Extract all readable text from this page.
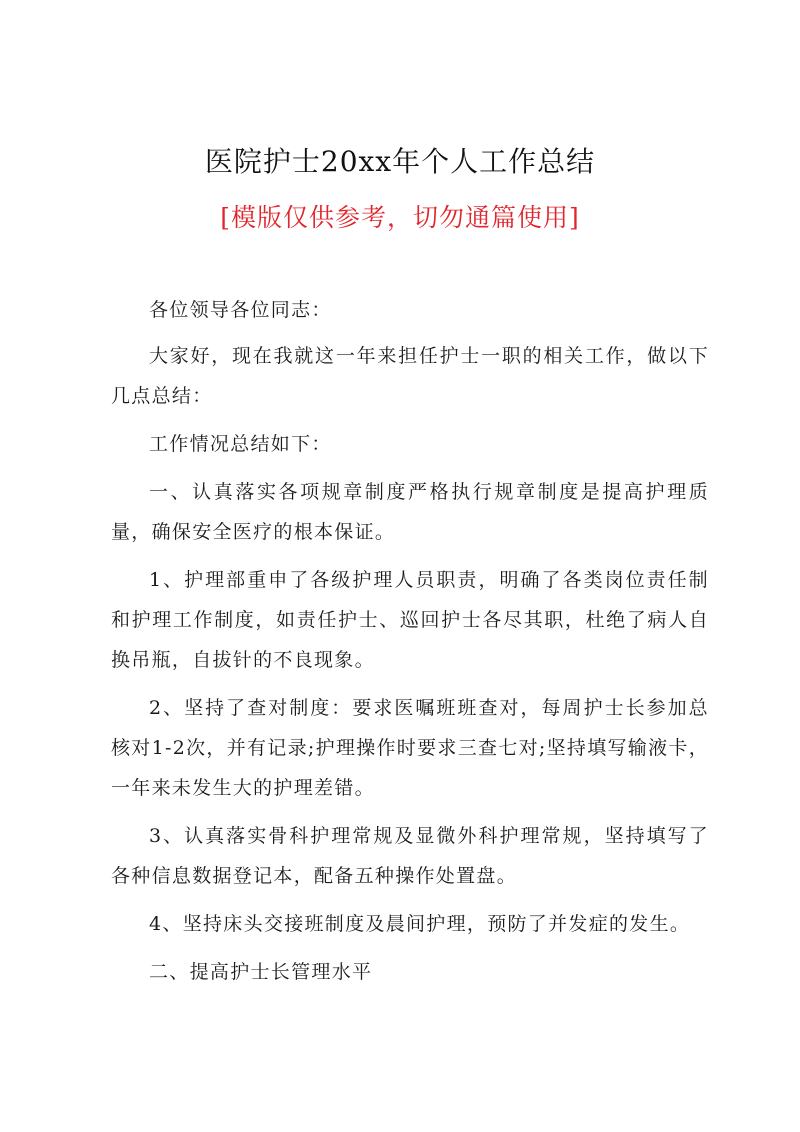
医院护士20xx年个人工作总结
[模版仅供参考，切勿通篇使用]

各位领导各位同志：

大家好，现在我就这一年来担任护士一职的相关工作，做以下几点总结：

工作情况总结如下：

一、认真落实各项规章制度严格执行规章制度是提高护理质量，确保安全医疗的根本保证。

1、护理部重申了各级护理人员职责，明确了各类岗位责任制和护理工作制度，如责任护士、巡回护士各尽其职，杜绝了病人自换吊瓶，自拔针的不良现象。

2、坚持了查对制度：要求医嘱班班查对，每周护士长参加总核对1-2次，并有记录;护理操作时要求三查七对;坚持填写输液卡，一年来未发生大的护理差错。

3、认真落实骨科护理常规及显微外科护理常规，坚持填写了各种信息数据登记本，配备五种操作处置盘。

4、坚持床头交接班制度及晨间护理，预防了并发症的发生。

二、提高护士长管理水平
